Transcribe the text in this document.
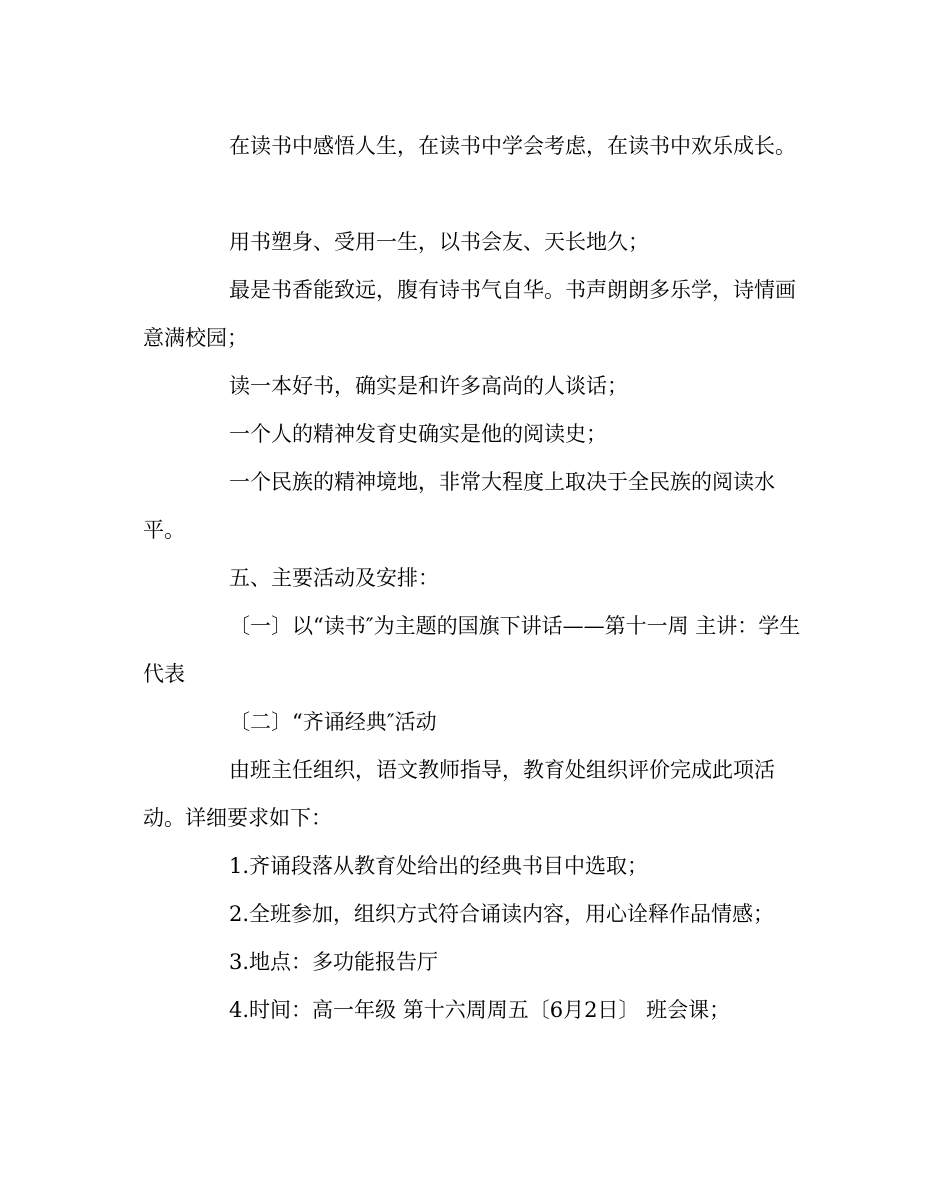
在读书中感悟人生，在读书中学会考虑，在读书中欢乐成长。

用书塑身、受用一生，以书会友、天长地久；

最是书香能致远，腹有诗书气自华。书声朗朗多乐学，诗情画意满校园；

读一本好书，确实是和许多高尚的人谈话；

一个人的精神发育史确实是他的阅读史；

一个民族的精神境地，非常大程度上取决于全民族的阅读水平。

五、主要活动及安排：

〔一〕以“读书″为主题的国旗下讲话——第十一周 主讲：学生代表

〔二〕“齐诵经典″活动

由班主任组织，语文教师指导，教育处组织评价完成此项活动。详细要求如下：

1.齐诵段落从教育处给出的经典书目中选取；

2.全班参加，组织方式符合诵读内容，用心诠释作品情感；

3.地点：多功能报告厅

4.时间：高一年级 第十六周周五〔6月2日〕 班会课；
